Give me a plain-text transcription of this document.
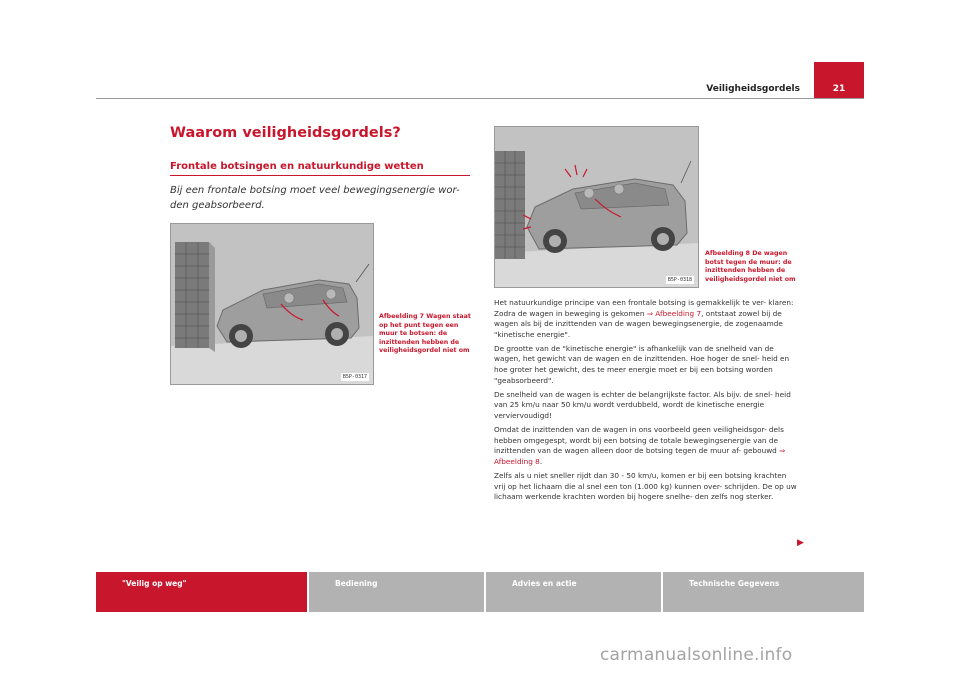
Veiligheidsgordels	21
Waarom veiligheidsgordels?
Frontale botsingen en natuurkundige wetten
Bij een frontale botsing moet veel bewegingsenergie wor- den geabsorbeerd.
B5P-0317
Afbeelding 7 Wagen staat op het punt tegen een muur te botsen: de inzittenden hebben de veiligheidsgordel niet om
B5P-0318
Afbeelding 8 De wagen botst tegen de muur: de inzittenden hebben de veiligheidsgordel niet om

Het natuurkundige principe van een frontale botsing is gemakkelijk te ver- klaren: Zodra de wagen in beweging is gekomen ⇒ Afbeelding 7, ontstaat zowel bij de wagen als bij de inzittenden van de wagen bewegingsenergie, de zogenaamde "kinetische energie".

De grootte van de "kinetische energie" is afhankelijk van de snelheid van de wagen, het gewicht van de wagen en de inzittenden. Hoe hoger de snel- heid en hoe groter het gewicht, des te meer energie moet er bij een botsing worden "geabsorbeerd".

De snelheid van de wagen is echter de belangrijkste factor. Als bijv. de snel- heid van 25 km/u naar 50 km/u wordt verdubbeld, wordt de kinetische energie verviervoudigd!

Omdat de inzittenden van de wagen in ons voorbeeld geen veiligheidsgor- dels hebben omgegespt, wordt bij een botsing de totale bewegingsenergie van de inzittenden van de wagen alleen door de botsing tegen de muur af- gebouwd ⇒ Afbeelding 8.

Zelfs als u niet sneller rijdt dan 30 - 50 km/u, komen er bij een botsing krachten vrij op het lichaam die al snel een ton (1.000 kg) kunnen over- schrijden. De op uw lichaam werkende krachten worden bij hogere snelhe- den zelfs nog sterker.

▶
"Veilig op weg"	Bediening	Advies en actie	Technische Gegevens
carmanualsonline.info
